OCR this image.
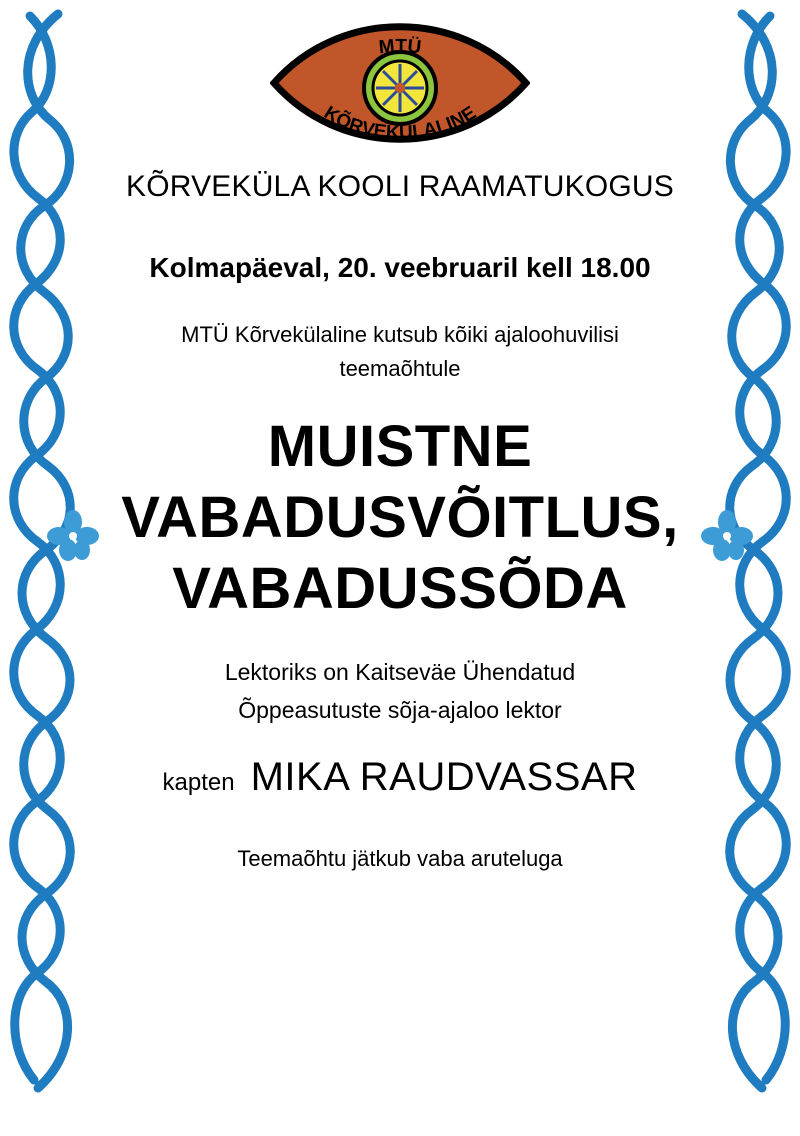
MTÜ
KÕRVEKÜLALINE

KÕRVEKÜLA KOOLI RAAMATUKOGUS

Kolmapäeval, 20. veebruaril kell 18.00

MTÜ Kõrvekülaline kutsub kõiki ajaloohuvilisi
teemaõhtule

MUISTNE
VABADUSVÕITLUS,
VABADUSSÕDA

Lektoriks on Kaitseväe Ühendatud
Õppeasutuste sõja-ajaloo lektor

kapten MIKA RAUDVASSAR

Teemaõhtu jätkub vaba aruteluga
